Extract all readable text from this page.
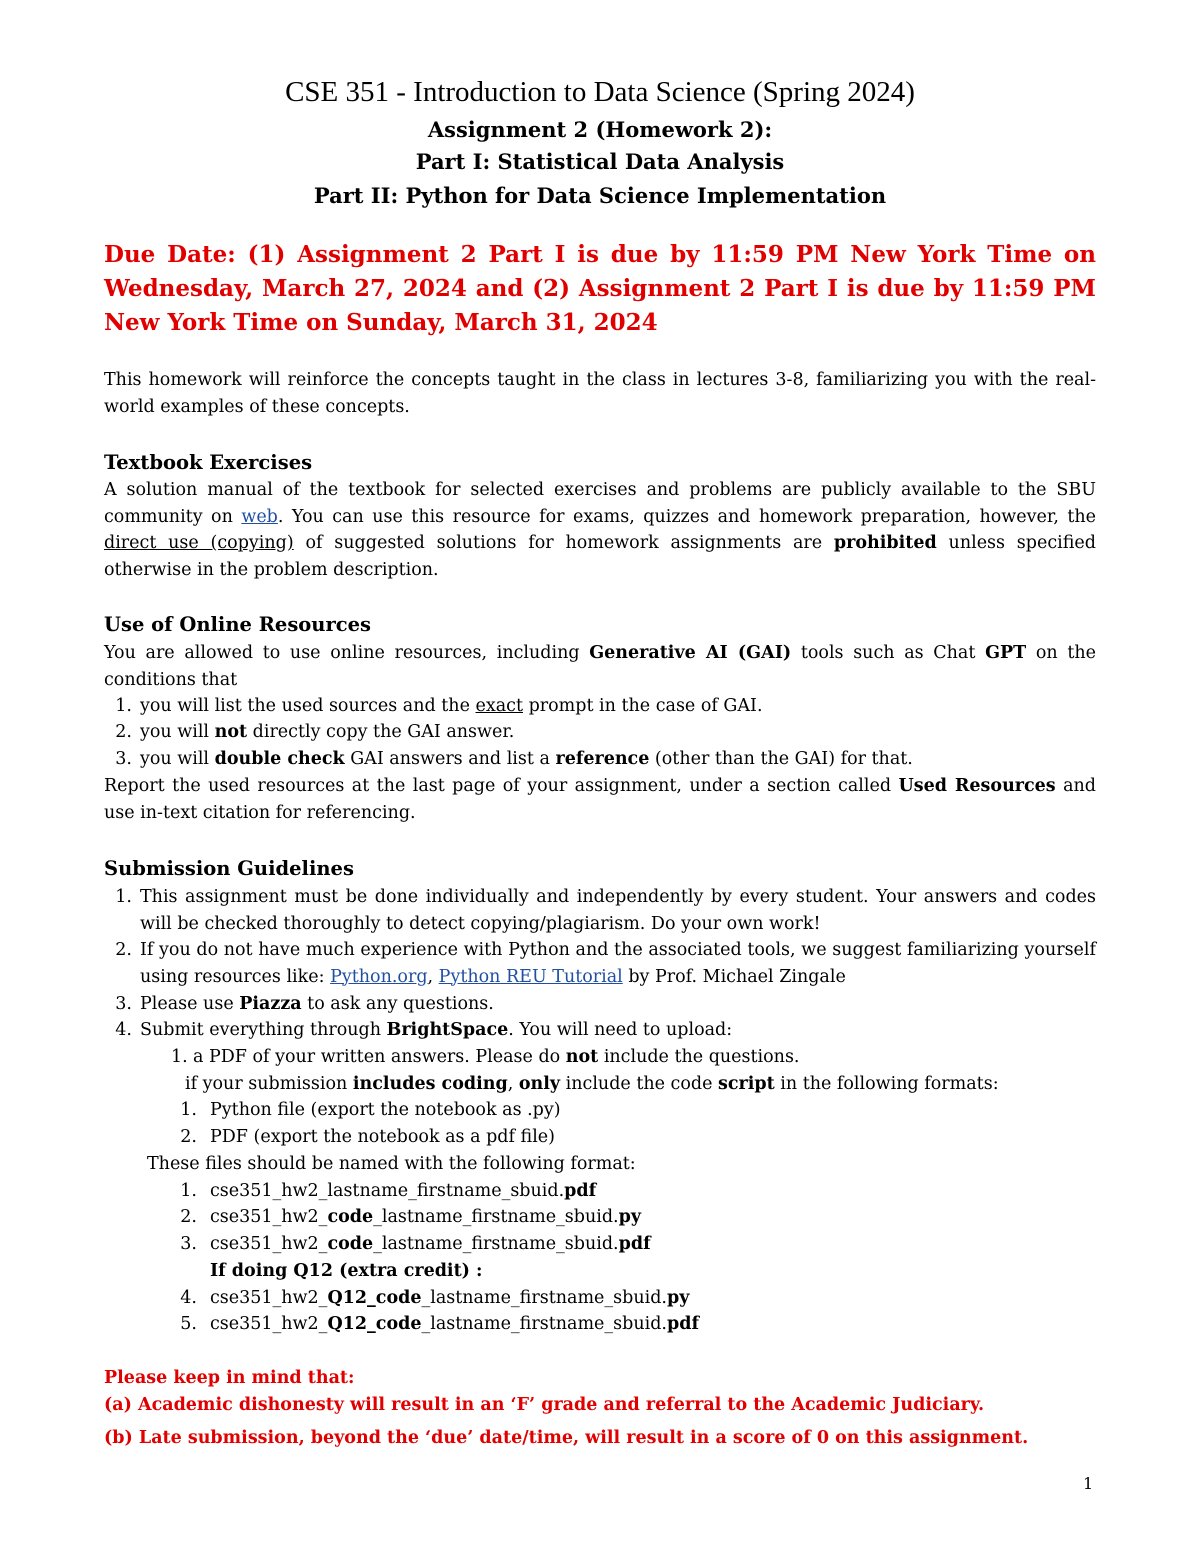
CSE 351 - Introduction to Data Science (Spring 2024)
Assignment 2 (Homework 2):
Part I: Statistical Data Analysis
Part II: Python for Data Science Implementation
Due Date: (1) Assignment 2 Part I is due by 11:59 PM New York Time on Wednesday, March 27, 2024 and (2) Assignment 2 Part I is due by 11:59 PM New York Time on Sunday, March 31, 2024
This homework will reinforce the concepts taught in the class in lectures 3-8, familiarizing you with the real-world examples of these concepts.
Textbook Exercises
A solution manual of the textbook for selected exercises and problems are publicly available to the SBU community on web. You can use this resource for exams, quizzes and homework preparation, however, the direct use (copying) of suggested solutions for homework assignments are prohibited unless specified otherwise in the problem description.
Use of Online Resources
You are allowed to use online resources, including Generative AI (GAI) tools such as Chat GPT on the conditions that
1. you will list the used sources and the exact prompt in the case of GAI.
2. you will not directly copy the GAI answer.
3. you will double check GAI answers and list a reference (other than the GAI) for that.
Report the used resources at the last page of your assignment, under a section called Used Resources and use in-text citation for referencing.
Submission Guidelines
1. This assignment must be done individually and independently by every student. Your answers and codes will be checked thoroughly to detect copying/plagiarism. Do your own work!
2. If you do not have much experience with Python and the associated tools, we suggest familiarizing yourself using resources like: Python.org, Python REU Tutorial by Prof. Michael Zingale
3. Please use Piazza to ask any questions.
4. Submit everything through BrightSpace. You will need to upload:
1. a PDF of your written answers. Please do not include the questions.
if your submission includes coding, only include the code script in the following formats:
1. Python file (export the notebook as .py)
2. PDF (export the notebook as a pdf file)
These files should be named with the following format:
1. cse351_hw2_lastname_firstname_sbuid.pdf
2. cse351_hw2_code_lastname_firstname_sbuid.py
3. cse351_hw2_code_lastname_firstname_sbuid.pdf
If doing Q12 (extra credit) :
4. cse351_hw2_Q12_code_lastname_firstname_sbuid.py
5. cse351_hw2_Q12_code_lastname_firstname_sbuid.pdf
Please keep in mind that:
(a) Academic dishonesty will result in an ‘F’ grade and referral to the Academic Judiciary.
(b) Late submission, beyond the ‘due’ date/time, will result in a score of 0 on this assignment.
1
